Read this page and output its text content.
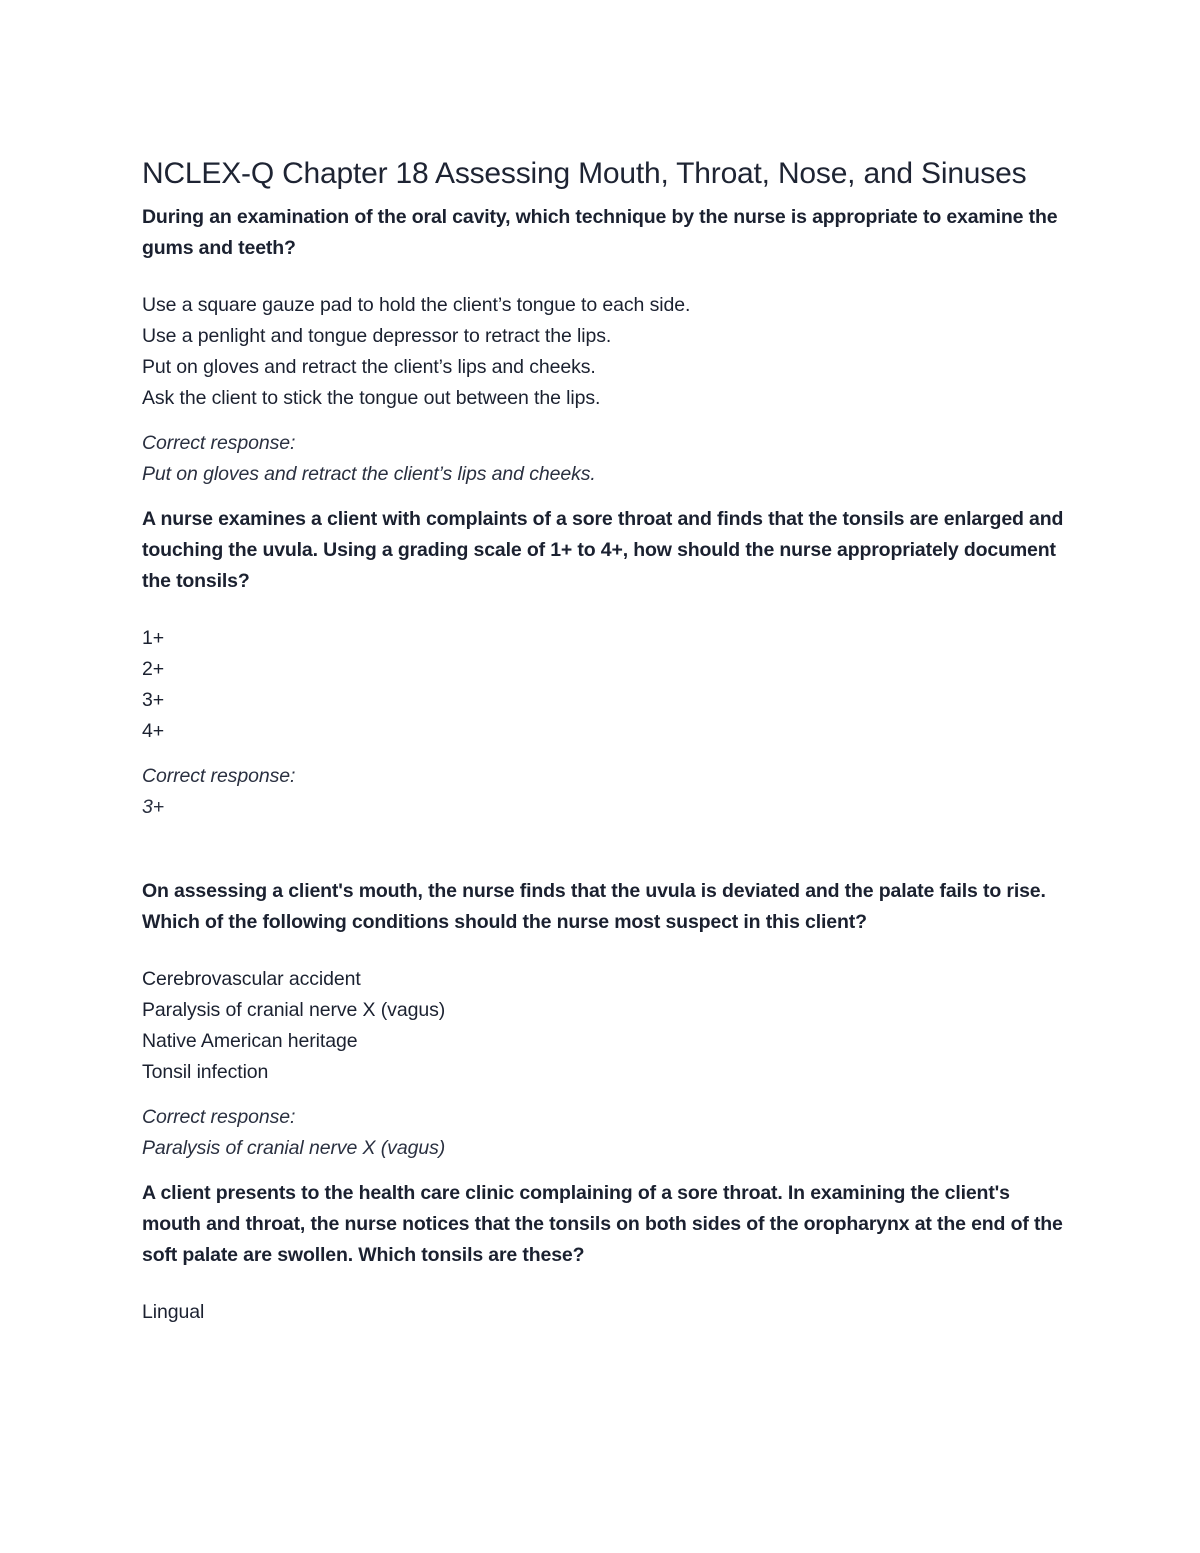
NCLEX-Q Chapter 18 Assessing Mouth, Throat, Nose, and Sinuses

During an examination of the oral cavity, which technique by the nurse is appropriate to examine the gums and teeth?

Use a square gauze pad to hold the client’s tongue to each side.
Use a penlight and tongue depressor to retract the lips.
Put on gloves and retract the client’s lips and cheeks.
Ask the client to stick the tongue out between the lips.

Correct response:
Put on gloves and retract the client’s lips and cheeks.

A nurse examines a client with complaints of a sore throat and finds that the tonsils are enlarged and touching the uvula. Using a grading scale of 1+ to 4+, how should the nurse appropriately document the tonsils?

1+
2+
3+
4+

Correct response:
3+

On assessing a client's mouth, the nurse finds that the uvula is deviated and the palate fails to rise. Which of the following conditions should the nurse most suspect in this client?

Cerebrovascular accident
Paralysis of cranial nerve X (vagus)
Native American heritage
Tonsil infection

Correct response:
Paralysis of cranial nerve X (vagus)

A client presents to the health care clinic complaining of a sore throat. In examining the client's mouth and throat, the nurse notices that the tonsils on both sides of the oropharynx at the end of the soft palate are swollen. Which tonsils are these?

Lingual
